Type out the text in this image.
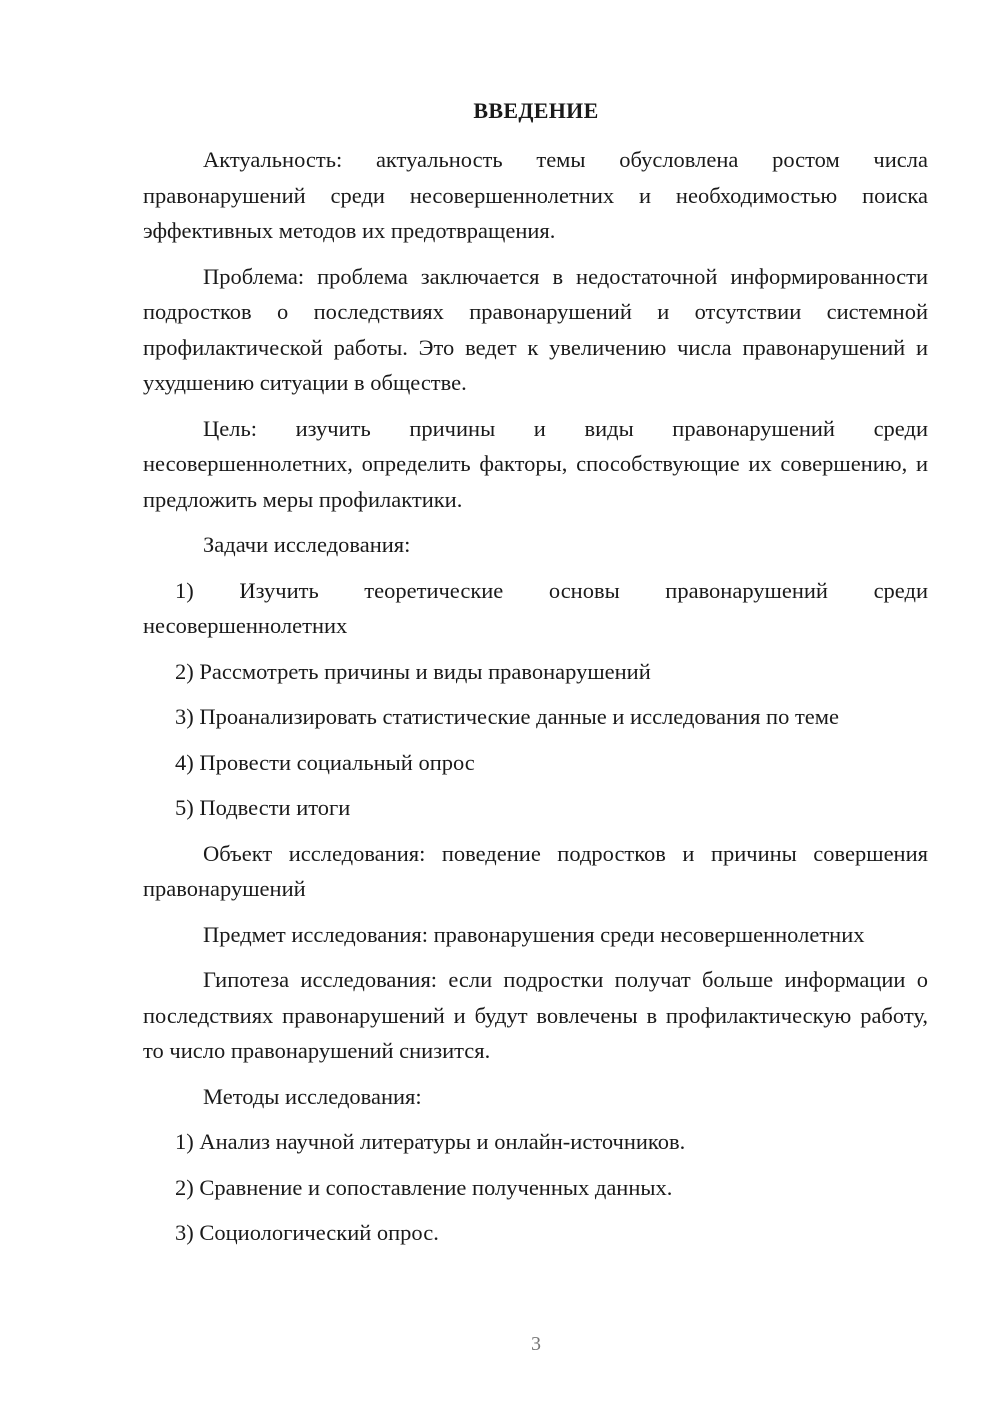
ВВЕДЕНИЕ

Актуальность: актуальность темы обусловлена ростом числа правонарушений среди несовершеннолетних и необходимостью поиска эффективных методов их предотвращения.

Проблема: проблема заключается в недостаточной информированности подростков о последствиях правонарушений и отсутствии системной профилактической работы. Это ведет к увеличению числа правонарушений и ухудшению ситуации в обществе.

Цель: изучить причины и виды правонарушений среди несовершеннолетних, определить факторы, способствующие их совершению, и предложить меры профилактики.

Задачи исследования:

1) Изучить теоретические основы правонарушений среди несовершеннолетних

2) Рассмотреть причины и виды правонарушений
3) Проанализировать статистические данные и исследования по теме
4) Провести социальный опрос
5) Подвести итоги

Объект исследования: поведение подростков и причины совершения правонарушений

Предмет исследования: правонарушения среди несовершеннолетних

Гипотеза исследования: если подростки получат больше информации о последствиях правонарушений и будут вовлечены в профилактическую работу, то число правонарушений снизится.

Методы исследования:

1) Анализ научной литературы и онлайн-источников.
2) Сравнение и сопоставление полученных данных.
3) Социологический опрос.
3
